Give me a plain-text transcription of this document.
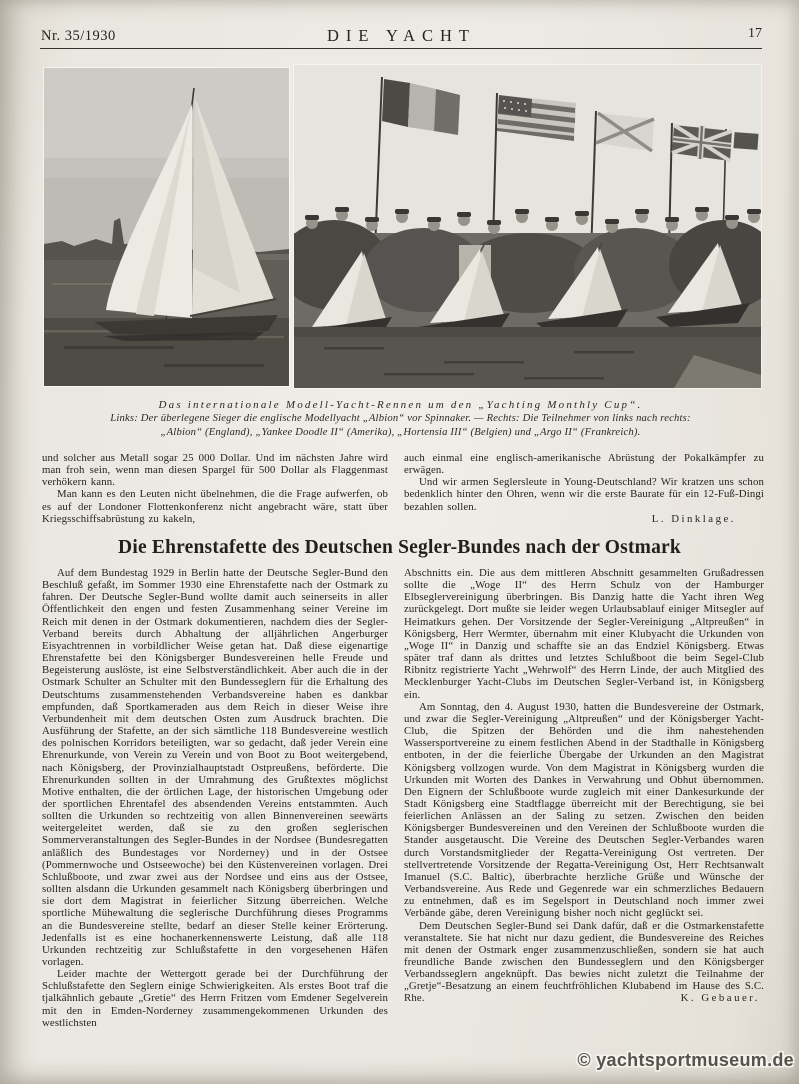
Nr. 35/1930	DIE YACHT	17
Das internationale Modell-Yacht-Rennen um den „Yachting Monthly Cup“.
Links: Der überlegene Sieger die englische Modellyacht „Albion“ vor Spinnaker. — Rechts: Die Teilnehmer von links nach rechts:
„Albion“ (England), „Yankee Doodle II“ (Amerika), „Hortensia III“ (Belgien) und „Argo II“ (Frankreich).

und solcher aus Metall sogar 25 000 Dollar. Und im nächsten Jahre wird man froh sein, wenn man diesen Spargel für 500 Dollar als Flaggenmast verhökern kann.

Man kann es den Leuten nicht übelnehmen, die die Frage aufwerfen, ob es auf der Londoner Flottenkonferenz nicht angebracht wäre, statt über Kriegsschiffsabrüstung zu kakeln,

auch einmal eine englisch-amerikanische Abrüstung der Pokalkämpfer zu erwägen.

Und wir armen Seglersleute in Young-Deutschland? Wir kratzen uns schon bedenklich hinter den Ohren, wenn wir die erste Baurate für ein 12-Fuß-Dingi bezahlen sollen.

L. Dinklage.
Die Ehrenstafette des Deutschen Segler-Bundes nach der Ostmark

Auf dem Bundestag 1929 in Berlin hatte der Deutsche Segler-Bund den Beschluß gefaßt, im Sommer 1930 eine Ehrenstafette nach der Ostmark zu fahren. Der Deutsche Segler-Bund wollte damit auch seinerseits in aller Öffentlichkeit den engen und festen Zusammenhang seiner Vereine im Reich mit denen in der Ostmark dokumentieren, nachdem dies der Segler-Verband bereits durch Abhaltung der alljährlichen Angerburger Eisyachtrennen in vorbildlicher Weise getan hat. Daß diese eigenartige Ehrenstafette bei den Königsberger Bundesvereinen helle Freude und Begeisterung auslöste, ist eine Selbstverständlichkeit. Aber auch die in der Ostmark Schulter an Schulter mit den Bundesseglern für die Erhaltung des Deutschtums zusammenstehenden Verbandsvereine haben es dankbar empfunden, daß Sportkameraden aus dem Reich in dieser Weise ihre Verbundenheit mit dem deutschen Osten zum Ausdruck brachten. Die Ausführung der Stafette, an der sich sämtliche 118 Bundesvereine westlich des polnischen Korridors beteiligten, war so gedacht, daß jeder Verein eine Ehrenurkunde, von Verein zu Verein und von Boot zu Boot weitergebend, nach Königsberg, der Provinzialhauptstadt Ostpreußens, beförderte. Die Ehrenurkunden sollten in der Umrahmung des Grußtextes möglichst Motive enthalten, die der örtlichen Lage, der historischen Umgebung oder der sportlichen Ehrentafel des absendenden Vereins entstammten. Auch sollten die Urkunden so rechtzeitig von allen Binnenvereinen seewärts weitergeleitet werden, daß sie zu den großen seglerischen Sommerveranstaltungen des Segler-Bundes in der Nordsee (Bundesregatten anläßlich des Bundestages vor Norderney) und in der Ostsee (Pommernwoche und Ostseewoche) bei den Küstenvereinen vorlagen. Drei Schlußboote, und zwar zwei aus der Nordsee und eins aus der Ostsee, sollten alsdann die Urkunden gesammelt nach Königsberg überbringen und sie dort dem Magistrat in feierlicher Sitzung überreichen. Welche sportliche Mühewaltung die seglerische Durchführung dieses Programms an die Bundesvereine stellte, bedarf an dieser Stelle keiner Erörterung. Jedenfalls ist es eine hochanerkennenswerte Leistung, daß alle 118 Urkunden rechtzeitig zur Schlußstafette in den vorgesehenen Häfen vorlagen.

Leider machte der Wettergott gerade bei der Durchführung der Schlußstafette den Seglern einige Schwierigkeiten. Als erstes Boot traf die tjalkähnlich gebaute „Gretie“ des Herrn Fritzen vom Emdener Segelverein mit den in Emden-Norderney zusammengekommenen Urkunden des westlichsten

Abschnitts ein. Die aus dem mittleren Abschnitt gesammelten Grußadressen sollte die „Woge II“ des Herrn Schulz von der Hamburger Elbseglervereinigung überbringen. Bis Danzig hatte die Yacht ihren Weg zurückgelegt. Dort mußte sie leider wegen Urlaubsablauf einiger Mitsegler auf Heimatkurs gehen. Der Vorsitzende der Segler-Vereinigung „Altpreußen“ in Königsberg, Herr Wermter, übernahm mit einer Klubyacht die Urkunden von „Woge II“ in Danzig und schaffte sie an das Endziel Königsberg. Etwas später traf dann als drittes und letztes Schlußboot die beim Segel-Club Ribnitz registrierte Yacht „Wehrwolf“ des Herrn Linde, der auch Mitglied des Mecklenburger Yacht-Clubs im Deutschen Segler-Verband ist, in Königsberg ein.

Am Sonntag, den 4. August 1930, hatten die Bundesvereine der Ostmark, und zwar die Segler-Vereinigung „Altpreußen“ und der Königsberger Yacht-Club, die Spitzen der Behörden und die ihm nahestehenden Wassersportvereine zu einem festlichen Abend in der Stadthalle in Königsberg entboten, in der die feierliche Übergabe der Urkunden an den Magistrat Königsberg vollzogen wurde. Von dem Magistrat in Königsberg wurden die Urkunden mit Worten des Dankes in Verwahrung und Obhut übernommen. Den Eignern der Schlußboote wurde zugleich mit einer Dankesurkunde der Stadt Königsberg eine Stadtflagge überreicht mit der Berechtigung, sie bei feierlichen Anlässen an der Saling zu setzen. Zwischen den beiden Königsberger Bundesvereinen und den Vereinen der Schlußboote wurden die Stander ausgetauscht. Die Vereine des Deutschen Segler-Verbandes waren durch Vorstandsmitglieder der Regatta-Vereinigung Ost vertreten. Der stellvertretende Vorsitzende der Regatta-Vereinigung Ost, Herr Rechtsanwalt Imanuel (S.C. Baltic), überbrachte herzliche Grüße und Wünsche der Verbandsvereine. Aus Rede und Gegenrede war ein schmerzliches Bedauern zu entnehmen, daß es im Segelsport in Deutschland noch immer zwei Verbände gäbe, deren Vereinigung bisher noch nicht geglückt sei.

Dem Deutschen Segler-Bund sei Dank dafür, daß er die Ostmarkenstafette veranstaltete. Sie hat nicht nur dazu gedient, die Bundesvereine des Reiches mit denen der Ostmark enger zusammenzuschließen, sondern sie hat auch freundliche Bande zwischen den Bundesseglern und den Königsberger Verbandsseglern angeknüpft. Das bewies nicht zuletzt die Teilnahme der „Gretje“-Besatzung an einem feuchtfröhlichen Klubabend im Hause des S.C. Rhe.	K. Gebauer.
© yachtsportmuseum.de
